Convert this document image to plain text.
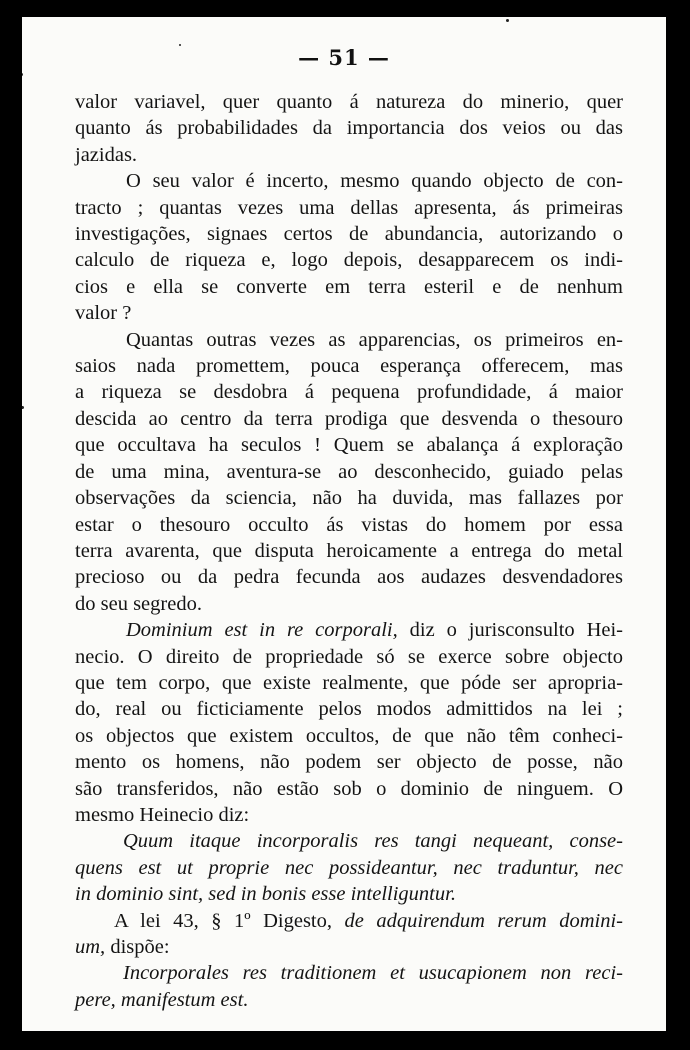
— 51 —
valor variavel, quer quanto á natureza do minerio, quer
quanto ás probabilidades da importancia dos veios ou das
jazidas.
O seu valor é incerto, mesmo quando objecto de con-
tracto ; quantas vezes uma dellas apresenta, ás primeiras
investigações, signaes certos de abundancia, autorizando o
calculo de riqueza e, logo depois, desapparecem os indi-
cios e ella se converte em terra esteril e de nenhum
valor ?
Quantas outras vezes as apparencias, os primeiros en-
saios nada promettem, pouca esperança offerecem, mas
a riqueza se desdobra á pequena profundidade, á maior
descida ao centro da terra prodiga que desvenda o thesouro
que occultava ha seculos ! Quem se abalança á exploração
de uma mina, aventura-se ao desconhecido, guiado pelas
observações da sciencia, não ha duvida, mas fallazes por
estar o thesouro occulto ás vistas do homem por essa
terra avarenta, que disputa heroicamente a entrega do metal
precioso ou da pedra fecunda aos audazes desvendadores
do seu segredo.
Dominium est in re corporali, diz o jurisconsulto Hei-
necio. O direito de propriedade só se exerce sobre objecto
que tem corpo, que existe realmente, que póde ser apropria-
do, real ou ficticiamente pelos modos admittidos na lei ;
os objectos que existem occultos, de que não têm conheci-
mento os homens, não podem ser objecto de posse, não
são transferidos, não estão sob o dominio de ninguem. O
mesmo Heinecio diz:
Quum itaque incorporalis res tangi nequeant, conse-
quens est ut proprie nec possideantur, nec traduntur, nec
in dominio sint, sed in bonis esse intelliguntur.
A lei 43, § 1º Digesto, de adquirendum rerum domini-
um, dispõe:
Incorporales res traditionem et usucapionem non reci-
pere, manifestum est.
